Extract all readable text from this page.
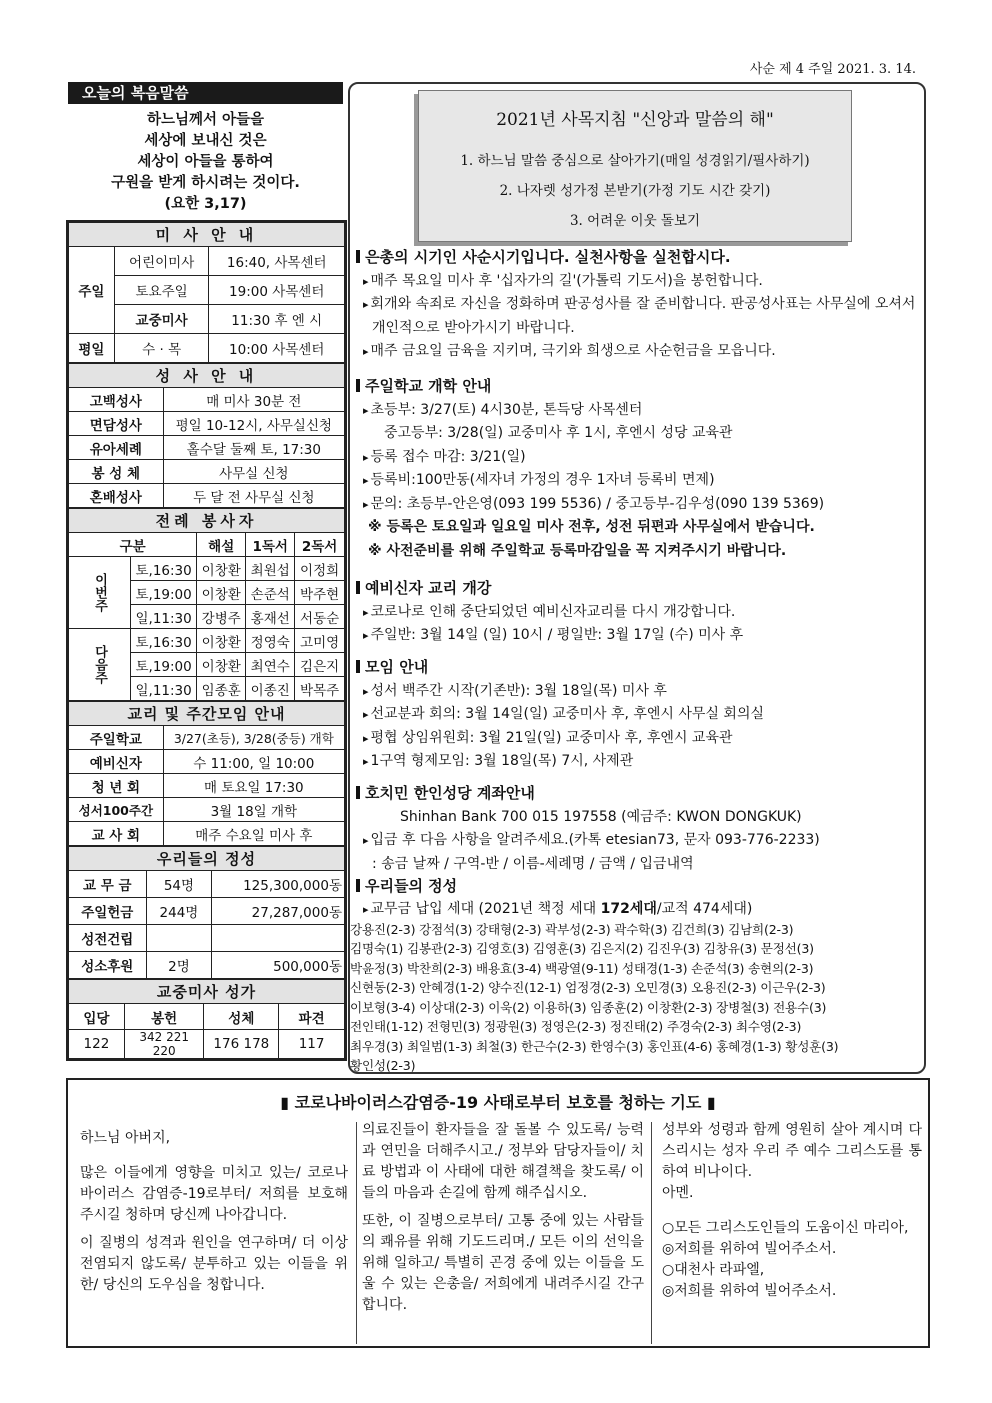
사순 제 4 주일 2021. 3. 14.
오늘의 복음말씀
하느님께서 아들을
세상에 보내신 것은
세상이 아들을 통하여
구원을 받게 하시려는 것이다.
(요한 3,17)
미 사 안 내		
주일	어린이미사	16:40, 사목센터
	토요주일	19:00 사목센터
	교중미사	11:30 후 엔 시
평일	수 · 목	10:00 사목센터
성 사 안 내	
고백성사	매 미사 30분 전
면담성사	평일 10-12시, 사무실신청
유아세례	홀수달 둘째 토, 17:30
봉 성 체	사무실 신청
혼배성사	두 달 전 사무실 신청
전례 봉사자				
구분		해설	1독서	2독서
이번주	토,16:30	이창환	최원섭	이정희
	토,19:00	이창환	손준석	박주현
	일,11:30	강병주	홍재선	서동순
다음주	토,16:30	이창환	정영숙	고미영
	토,19:00	이창환	최연수	김은지
	일,11:30	임종훈	이종진	박목주
교리 및 주간모임 안내	
주일학교	3/27(초등), 3/28(중등) 개학
예비신자	수 11:00, 일 10:00
청 년 회	매 토요일 17:30
성서100주간	3월 18일 개학
교 사 회	매주 수요일 미사 후
우리들의 정성		
교 무 금	54명	125,300,000동
주일헌금	244명	27,287,000동
성전건립		
성소후원	2명	500,000동
교중미사 성가			
입당	봉헌	성체	파견
122	342 221 220	176 178	117
2021년 사목지침 "신앙과 말씀의 해"
1. 하느님 말씀 중심으로 살아가기(매일 성경읽기/필사하기)
2. 나자렛 성가정 본받기(가정 기도 시간 갖기)
3. 어려운 이웃 돌보기
은총의 시기인 사순시기입니다. 실천사항을 실천합시다.
▸ 매주 목요일 미사 후 '십자가의 길'(가톨릭 기도서)을 봉헌합니다.
▸ 회개와 속죄로 자신을 정화하며 판공성사를 잘 준비합니다. 판공성사표는 사무실에 오셔서 개인적으로 받아가시기 바랍니다.
▸ 매주 금요일 금육을 지키며, 극기와 희생으로 사순헌금을 모읍니다.
주일학교 개학 안내
▸ 초등부: 3/27(토) 4시30분, 톤득당 사목센터
중고등부: 3/28(일) 교중미사 후 1시, 후엔시 성당 교육관
▸ 등록 접수 마감: 3/21(일)
▸ 등록비:100만동(세자녀 가정의 경우 1자녀 등록비 면제)
▸ 문의: 초등부-안은영(093 199 5536) / 중고등부-김우성(090 139 5369)
※ 등록은 토요일과 일요일 미사 전후, 성전 뒤편과 사무실에서 받습니다.
※ 사전준비를 위해 주일학교 등록마감일을 꼭 지켜주시기 바랍니다.
예비신자 교리 개강
▸ 코로나로 인해 중단되었던 예비신자교리를 다시 개강합니다.
▸ 주일반: 3월 14일 (일) 10시 / 평일반: 3월 17일 (수) 미사 후
모임 안내
▸ 성서 백주간 시작(기존반): 3월 18일(목) 미사 후
▸ 선교분과 회의: 3월 14일(일) 교중미사 후, 후엔시 사무실 회의실
▸ 평협 상임위원회: 3월 21일(일) 교중미사 후, 후엔시 교육관
▸ 1구역 형제모임: 3월 18일(목) 7시, 사제관
호치민 한인성당 계좌안내
Shinhan Bank 700 015 197558 (예금주: KWON DONGKUK)
▸ 입금 후 다음 사항을 알려주세요.(카톡 etesian73, 문자 093-776-2233)
: 송금 날짜 / 구역-반 / 이름-세례명 / 금액 / 입금내역
우리들의 정성
▸ 교무금 납입 세대 (2021년 책정 세대 172세대/교적 474세대)
강용진(2-3) 강점석(3) 강태형(2-3) 곽부성(2-3) 곽수학(3) 김건희(3) 김남희(2-3)
김명숙(1) 김봉관(2-3) 김영호(3) 김영훈(3) 김은지(2) 김진우(3) 김창유(3) 문정선(3)
박윤정(3) 박찬희(2-3) 배용효(3-4) 백광열(9-11) 성태경(1-3) 손준석(3) 송현의(2-3)
신현동(2-3) 안혜경(1-2) 양수진(12-1) 엄정경(2-3) 오민경(3) 오용진(2-3) 이근우(2-3)
이보형(3-4) 이상대(2-3) 이욱(2) 이용하(3) 임종훈(2) 이창환(2-3) 장병철(3) 전용수(3)
전인태(1-12) 전형민(3) 정광원(3) 정영은(2-3) 정진태(2) 주경숙(2-3) 최수영(2-3)
최우경(3) 최일범(1-3) 최철(3) 한근수(2-3) 한영수(3) 홍인표(4-6) 홍혜경(1-3) 황성훈(3)
황인성(2-3)
▮ 코로나바이러스감염증-19 사태로부터 보호를 청하는 기도 ▮

하느님 아버지,

많은 이들에게 영향을 미치고 있는/ 코로나 바이러스 감염증-19로부터/ 저희를 보호해주시길 청하며 당신께 나아갑니다.

이 질병의 성격과 원인을 연구하며/ 더 이상 전염되지 않도록/ 분투하고 있는 이들을 위한/ 당신의 도우심을 청합니다.

의료진들이 환자들을 잘 돌볼 수 있도록/ 능력과 연민을 더해주시고./ 정부와 담당자들이/ 치료 방법과 이 사태에 대한 해결책을 찾도록/ 이들의 마음과 손길에 함께 해주십시오.

또한, 이 질병으로부터/ 고통 중에 있는 사람들의 쾌유를 위해 기도드리며./ 모든 이의 선익을 위해 일하고/ 특별히 곤경 중에 있는 이들을 도울 수 있는 은총을/ 저희에게 내려주시길 간구합니다.

성부와 성령과 함께 영원히 살아 계시며 다스리시는 성자 우리 주 예수 그리스도를 통하여 비나이다.

아멘.

○모든 그리스도인들의 도움이신 마리아,

◎저희를 위하여 빌어주소서.

○대천사 라파엘,

◎저희를 위하여 빌어주소서.
